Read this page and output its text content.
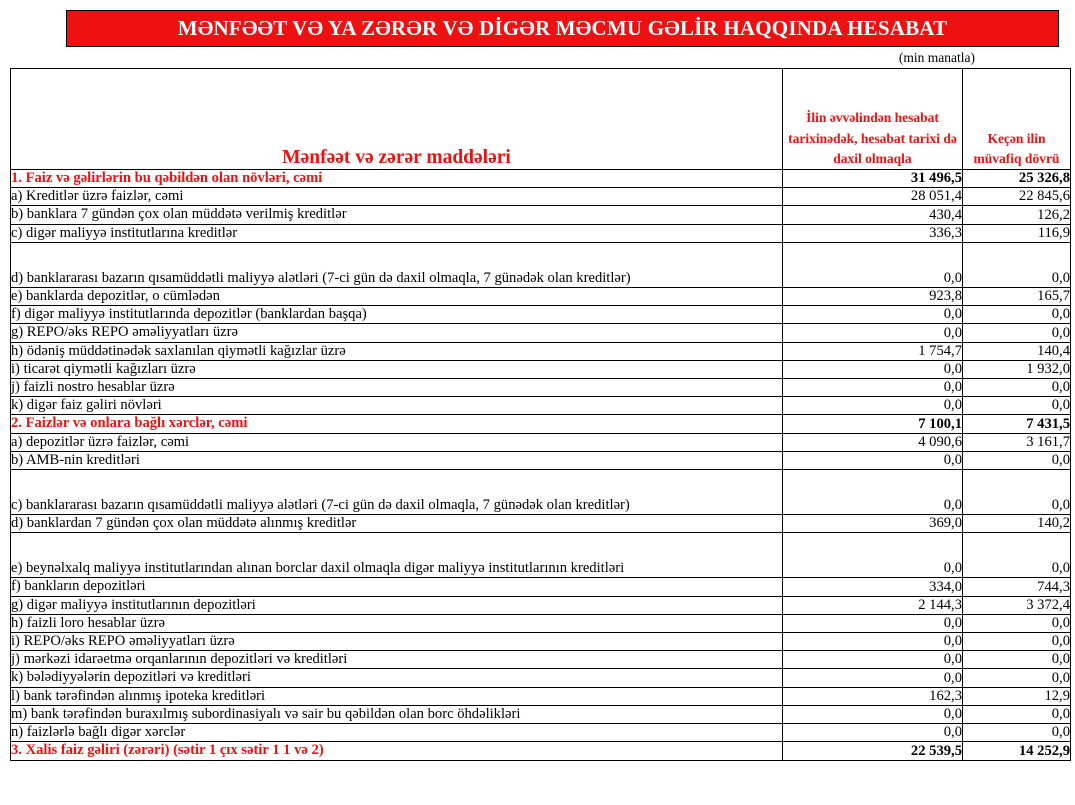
MƏNFƏƏT VƏ YA ZƏRƏR VƏ DİGƏR MƏCMU GƏLİR HAQQINDA HESABAT
(min manatla)
Mənfəət və zərər maddələri	İlin əvvəlindən hesabat tarixinədək, hesabat tarixi də daxil olmaqla	Keçən ilin müvafiq dövrü
1. Faiz və gəlirlərin bu qəbildən olan növləri, cəmi	31 496,5	25 326,8
a) Kreditlər üzrə faizlər, cəmi	28 051,4	22 845,6
b) banklara 7 gündən çox olan müddətə verilmiş kreditlər	430,4	126,2
c) digər maliyyə institutlarına kreditlər	336,3	116,9
d) banklararası bazarın qısamüddətli maliyyə alətləri (7-ci gün də daxil olmaqla, 7 günədək olan kreditlər)	0,0	0,0
e) banklarda depozitlər, o cümlədən	923,8	165,7
f) digər maliyyə institutlarında depozitlər (banklardan başqa)	0,0	0,0
g) REPO/əks REPO əməliyyatları üzrə	0,0	0,0
h) ödəniş müddətinədək saxlanılan qiymətli kağızlar üzrə	1 754,7	140,4
i) ticarət qiymətli kağızları üzrə	0,0	1 932,0
j) faizli nostro hesablar üzrə	0,0	0,0
k) digər faiz gəliri növləri	0,0	0,0
2. Faizlər və onlara bağlı xərclər, cəmi	7 100,1	7 431,5
a) depozitlər üzrə faizlər, cəmi	4 090,6	3 161,7
b) AMB-nin kreditləri	0,0	0,0
c) banklararası bazarın qısamüddətli maliyyə alətləri (7-ci gün də daxil olmaqla, 7 günədək olan kreditlər)	0,0	0,0
d) banklardan 7 gündən çox olan müddətə alınmış kreditlər	369,0	140,2
e) beynəlxalq maliyyə institutlarından alınan borclar daxil olmaqla digər maliyyə institutlarının kreditləri	0,0	0,0
f) bankların depozitləri	334,0	744,3
g) digər maliyyə institutlarının depozitləri	2 144,3	3 372,4
h) faizli loro hesablar üzrə	0,0	0,0
i) REPO/əks REPO əməliyyatları üzrə	0,0	0,0
j) mərkəzi idarəetmə orqanlarının depozitləri və kreditləri	0,0	0,0
k) bələdiyyələrin depozitləri və kreditləri	0,0	0,0
l) bank tərəfindən alınmış ipoteka kreditləri	162,3	12,9
m) bank tərəfindən buraxılmış subordinasiyalı və sair bu qəbildən olan borc öhdəlikləri	0,0	0,0
n) faizlərlə bağlı digər xərclər	0,0	0,0
3. Xalis faiz gəliri (zərəri) (sətir 1 çıx sətir 1 1 və 2)	22 539,5	14 252,9
